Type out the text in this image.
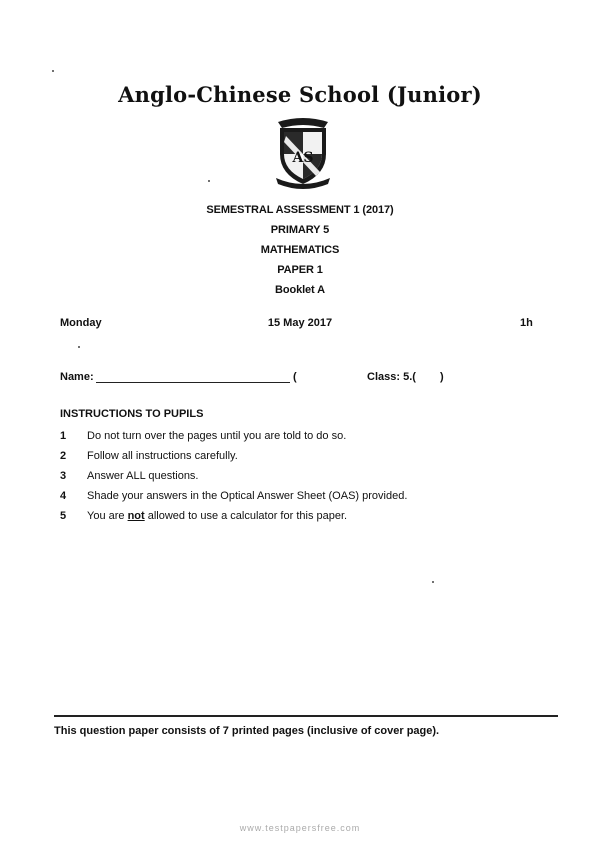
Anglo-Chinese School (Junior)
AS
SEMESTRAL ASSESSMENT 1 (2017)
PRIMARY 5
MATHEMATICS
PAPER 1
Booklet A
Monday	15 May 2017	1h
Name:	(	Class: 5.( )
INSTRUCTIONS TO PUPILS
1	Do not turn over the pages until you are told to do so.
2	Follow all instructions carefully.
3	Answer ALL questions.
4	Shade your answers in the Optical Answer Sheet (OAS) provided.
5	You are not allowed to use a calculator for this paper.
This question paper consists of 7 printed pages (inclusive of cover page).
www.testpapersfree.com
